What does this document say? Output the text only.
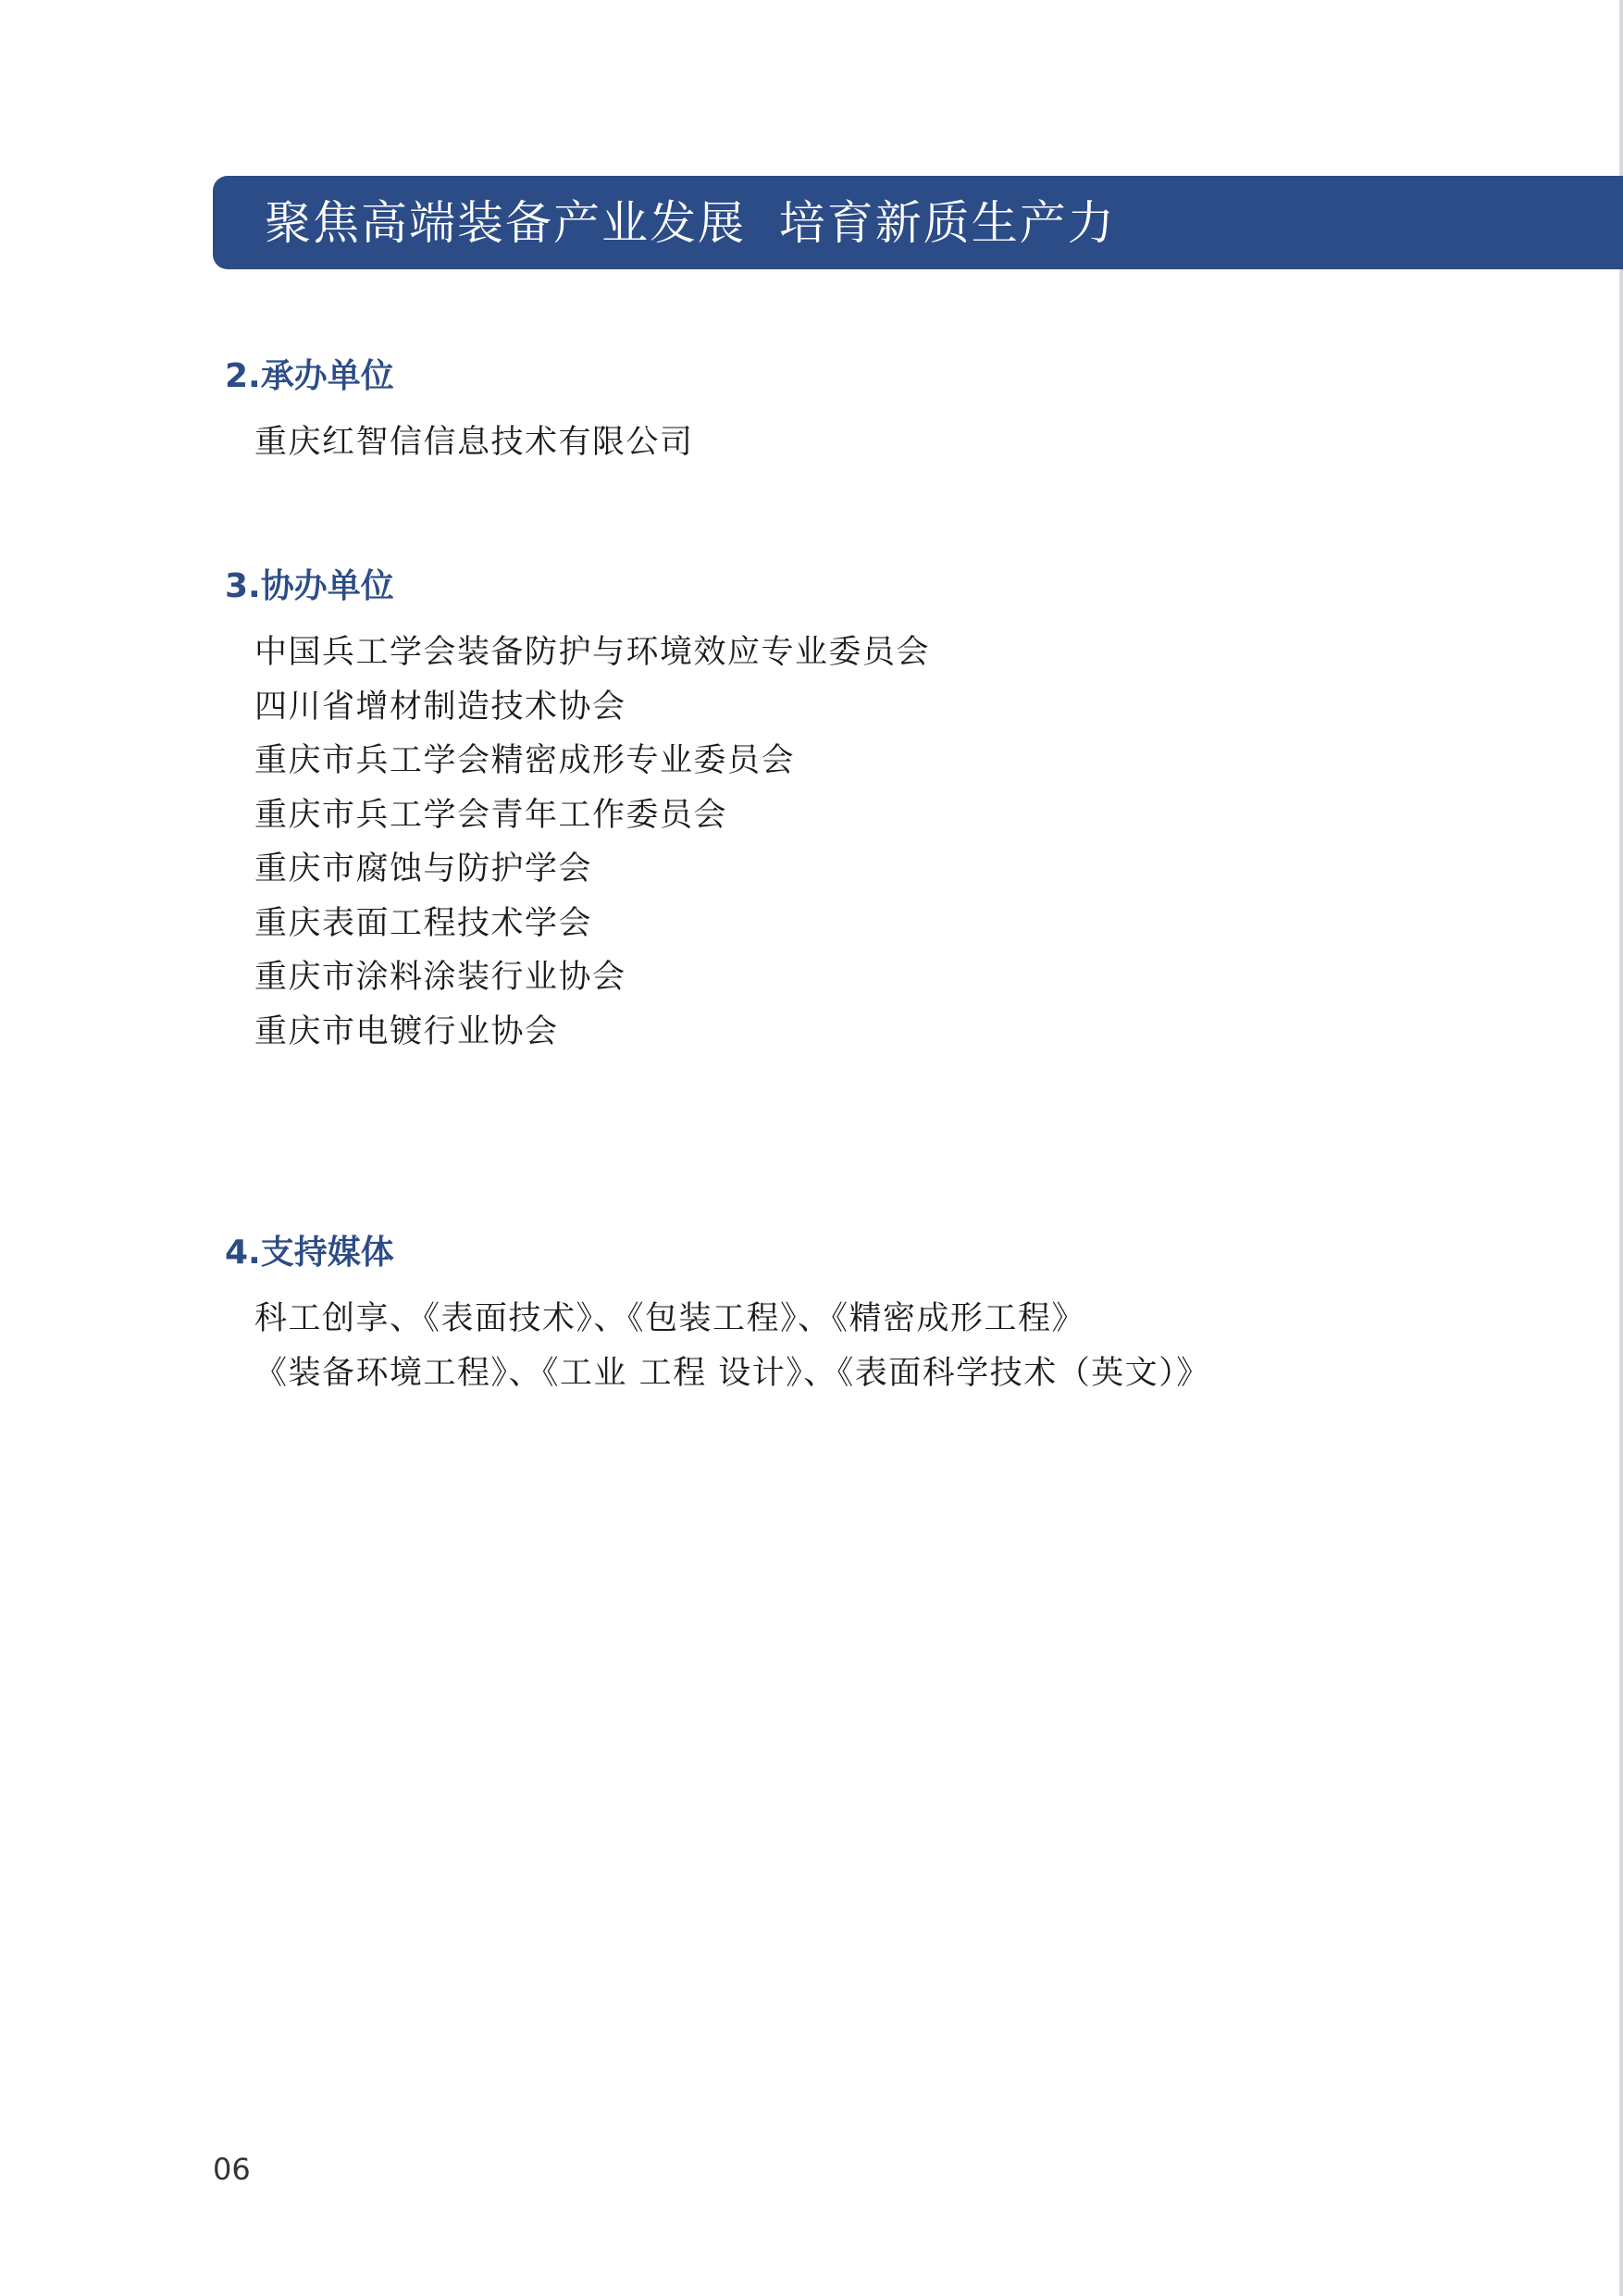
聚焦高端装备产业发展  培育新质生产力
2.承办单位
重庆红智信信息技术有限公司
3.协办单位
中国兵工学会装备防护与环境效应专业委员会
四川省增材制造技术协会
重庆市兵工学会精密成形专业委员会
重庆市兵工学会青年工作委员会
重庆市腐蚀与防护学会
重庆表面工程技术学会
重庆市涂料涂装行业协会
重庆市电镀行业协会
4.支持媒体
科工创享、《表面技术》、《包装工程》、《精密成形工程》
《装备环境工程》、《工业 工程 设计》、《表面科学技术（英文）》
06
